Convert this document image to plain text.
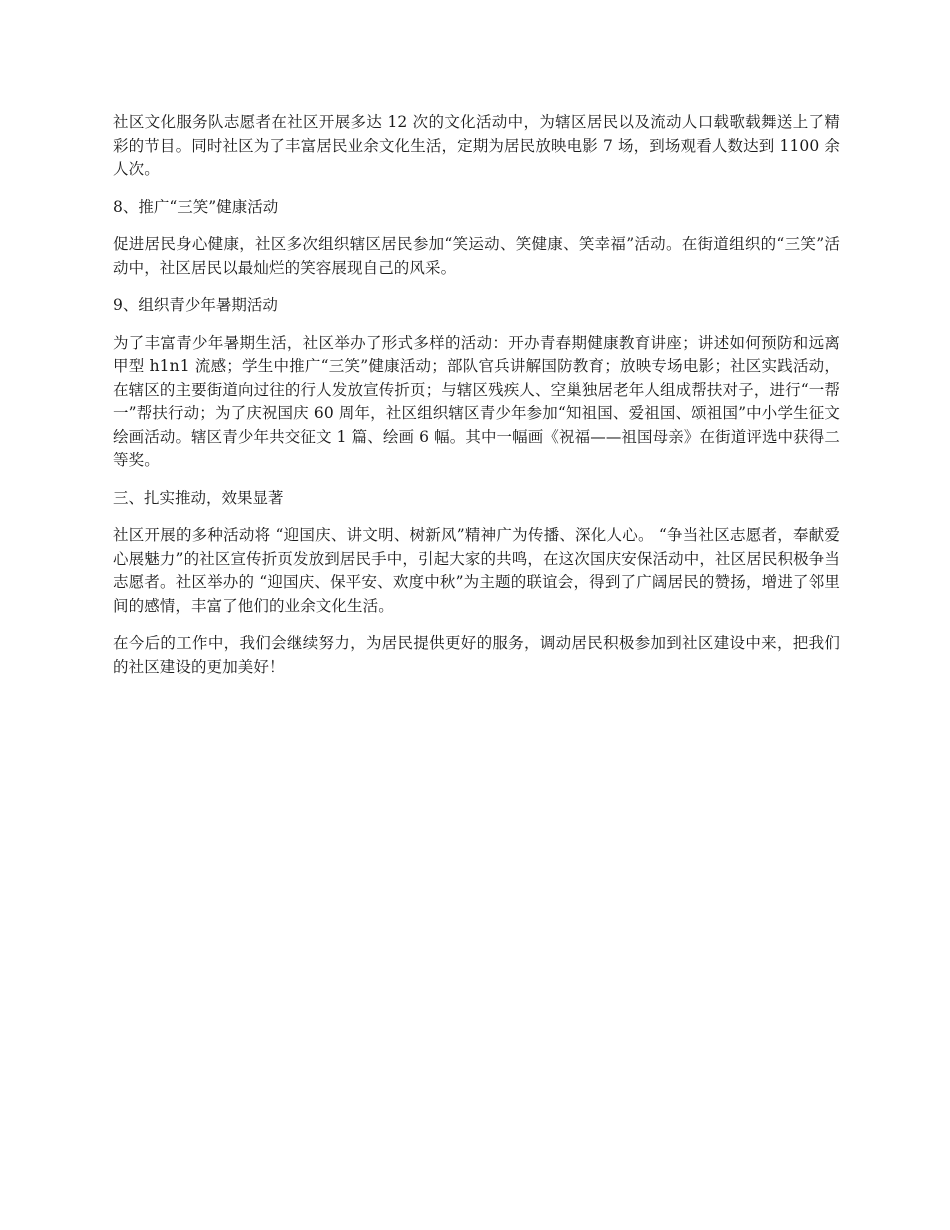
社区文化服务队志愿者在社区开展多达 12 次的文化活动中，为辖区居民以及流动人口载歌载舞送上了精彩的节目。同时社区为了丰富居民业余文化生活，定期为居民放映电影 7 场，到场观看人数达到 1100 余人次。

8、推广“三笑”健康活动

促进居民身心健康，社区多次组织辖区居民参加“笑运动、笑健康、笑幸福”活动。在街道组织的“三笑”活动中，社区居民以最灿烂的笑容展现自己的风采。

9、组织青少年暑期活动

为了丰富青少年暑期生活，社区举办了形式多样的活动：开办青春期健康教育讲座；讲述如何预防和远离甲型 h1n1 流感；学生中推广“三笑”健康活动；部队官兵讲解国防教育；放映专场电影；社区实践活动，在辖区的主要街道向过往的行人发放宣传折页；与辖区残疾人、空巢独居老年人组成帮扶对子，进行“一帮一”帮扶行动；为了庆祝国庆 60 周年，社区组织辖区青少年参加“知祖国、爱祖国、颂祖国”中小学生征文绘画活动。辖区青少年共交征文 1 篇、绘画 6 幅。其中一幅画《祝福——祖国母亲》在街道评选中获得二等奖。

三、扎实推动，效果显著

社区开展的多种活动将 “迎国庆、讲文明、树新风”精神广为传播、深化人心。 “争当社区志愿者，奉献爱心展魅力”的社区宣传折页发放到居民手中，引起大家的共鸣，在这次国庆安保活动中，社区居民积极争当志愿者。社区举办的 “迎国庆、保平安、欢度中秋”为主题的联谊会，得到了广阔居民的赞扬，增进了邻里间的感情，丰富了他们的业余文化生活。

在今后的工作中，我们会继续努力，为居民提供更好的服务，调动居民积极参加到社区建设中来，把我们的社区建设的更加美好！
